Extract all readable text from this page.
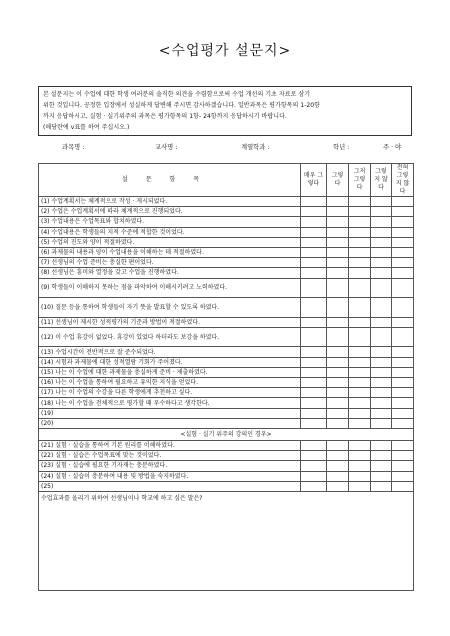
<수업평가 설문지>

본 설문지는 이 수업에 대한 학생 여러분의 솔직한 의견을 수렴함으로써 수업 개선의 기초 자료로 삼기

위한 것입니다. 공정한 입장에서 성실하게 답변해 주시면 감사하겠습니다. 일반과목은 평가항목의 1-20항

까지 응답하시고, 실험 · 실기위주의 과목은 평가항목의 1항- 24항까지 응답하시기 바랍니다.

(해당란에 v표를 하여 주십시오.)

과목명 :	교사명 :	계열학과 :	학년 :	주 · 야
설문항목	매우 그렇다	그렇다	그저 그렇다	그렇지 않다	전혀 그렇지 않다
(1) 수업계획서는 체계적으로 작성 · 게시되었다.					
(2) 수업은 수업계획서에 따라 체계적으로 진행되었다.					
(3) 수업내용은 수업목표와 합치하였다.					
(4) 수업내용은 학생들의 지적 수준에 적합한 것이었다.					
(5) 수업의 진도와 양이 적절하였다.					
(6) 과제물의 내용과 양이 수업내용을 이해하는 데 적절하였다.					
(7) 선생님의 수업 준비는 충실한 편이었다.					
(8) 선생님은 흥미와 열정을 갖고 수업을 진행하였다.					
(9) 학생들이 이해하지 못하는 점을 파악하여 이해시키려고 노력하였다.					
(10) 질문 등을 통하여 학생들이 자기 뜻을 발표할 수 있도록 하였다.					
(11) 선생님이 제시한 성적평가의 기준과 방법이 적절하였다.					
(12) 이 수업 휴강이 없었다. 휴강이 있었다 하더라도 보강을 하였다.					
(13) 수업시간이 전반적으로 잘 준수되었다.					
(14) 시험과 과제물에 대한 성적열람 기회가 주어졌다.					
(15) 나는 이 수업에 대한 과제물을 충실하게 준비 · 제출하였다.					
(16) 나는 이 수업을 통하여 필요하고 유익한 지식을 얻었다.					
(17) 나는 이 수업의 수강을 다른 학생에게 추천하고 싶다.					
(18) 나는 이 수업을 전체적으로 평가할 때 우수하다고 생각한다.					
(19)					
(20)					
<실험 · 실기 위주의 강의인 경우>					
(21) 실험 · 실습을 통하여 기본 원리를 이해하였다.					
(22) 실험 · 실습은 수업목표에 맞는 것이었다.					
(23) 실험 · 실습에 필요한 기자재는 충분하였다.					
(24) 실험 · 실습이 충분하여 내용 및 방법을 숙지하였다.					
(25)					
수업효과를 올리기 위하여 선생님이나 학교에 하고 싶은 말은?					
